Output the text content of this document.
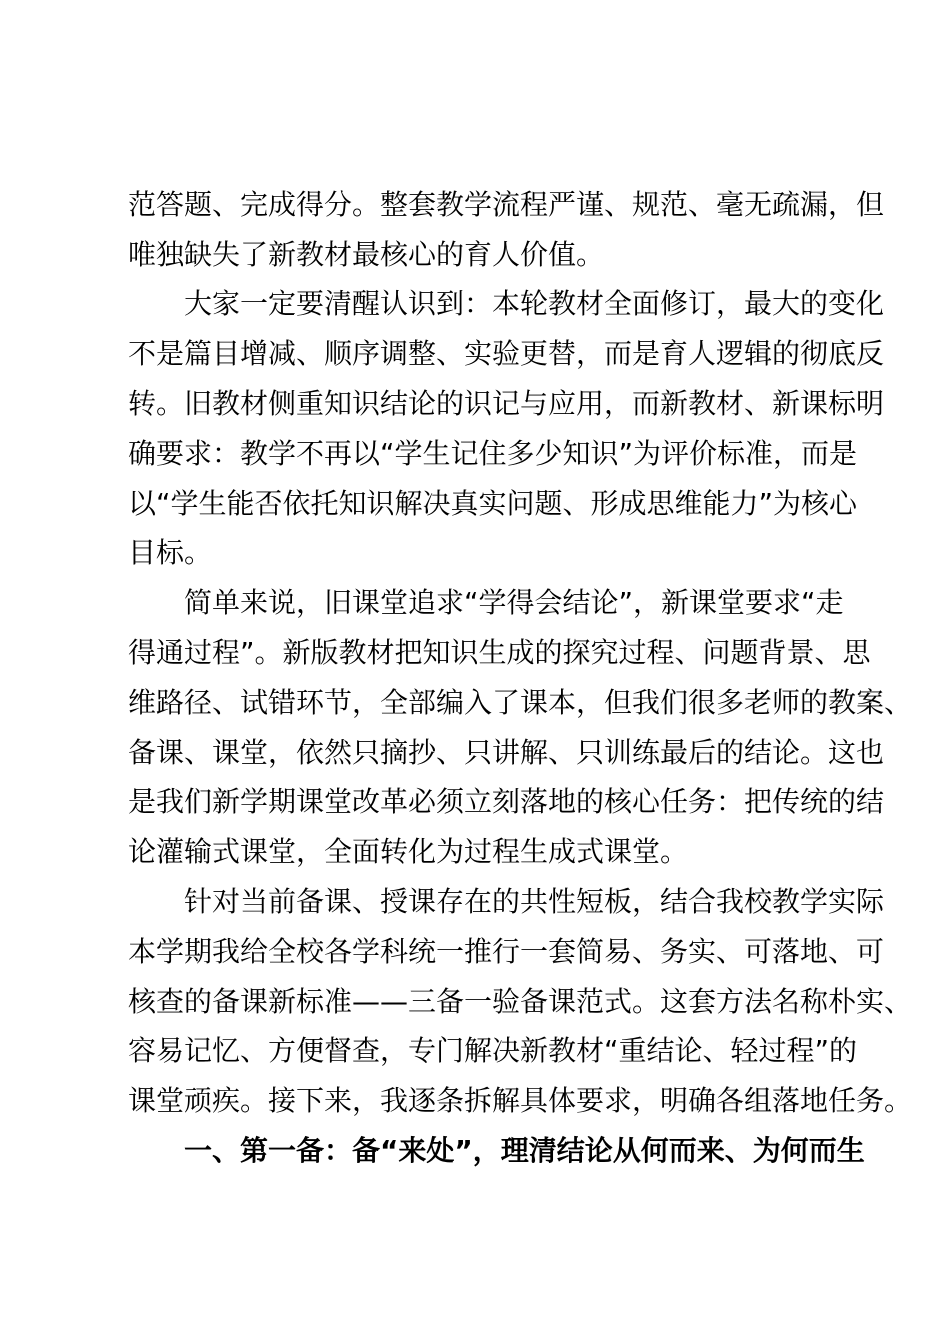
范答题、完成得分。整套教学流程严谨、规范、毫无疏漏，但
唯独缺失了新教材最核心的育人价值。
大家一定要清醒认识到：本轮教材全面修订，最大的变化
不是篇目增减、顺序调整、实验更替，而是育人逻辑的彻底反
转。旧教材侧重知识结论的识记与应用，而新教材、新课标明
确要求：教学不再以“学生记住多少知识”为评价标准，而是
以“学生能否依托知识解决真实问题、形成思维能力”为核心
目标。
简单来说，旧课堂追求“学得会结论”，新课堂要求“走
得通过程”。新版教材把知识生成的探究过程、问题背景、思
维路径、试错环节，全部编入了课本，但我们很多老师的教案、
备课、课堂，依然只摘抄、只讲解、只训练最后的结论。这也
是我们新学期课堂改革必须立刻落地的核心任务：把传统的结
论灌输式课堂，全面转化为过程生成式课堂。
针对当前备课、授课存在的共性短板，结合我校教学实际
本学期我给全校各学科统一推行一套简易、务实、可落地、可
核查的备课新标准——三备一验备课范式。这套方法名称朴实、
容易记忆、方便督查，专门解决新教材“重结论、轻过程”的
课堂顽疾。接下来，我逐条拆解具体要求，明确各组落地任务。
一、第一备：备“来处”，理清结论从何而来、为何而生
